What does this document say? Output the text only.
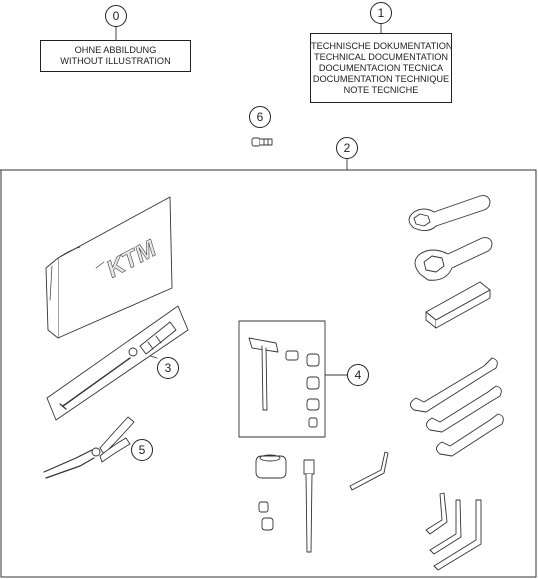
KTM
0	1
6
2
3	4
5
OHNE ABBILDUNG
WITHOUT ILLUSTRATION
TECHNISCHE DOKUMENTATION
TECHNICAL DOCUMENTATION
DOCUMENTACION TECNICA
DOCUMENTATION TECHNIQUE
NOTE TECNICHE
